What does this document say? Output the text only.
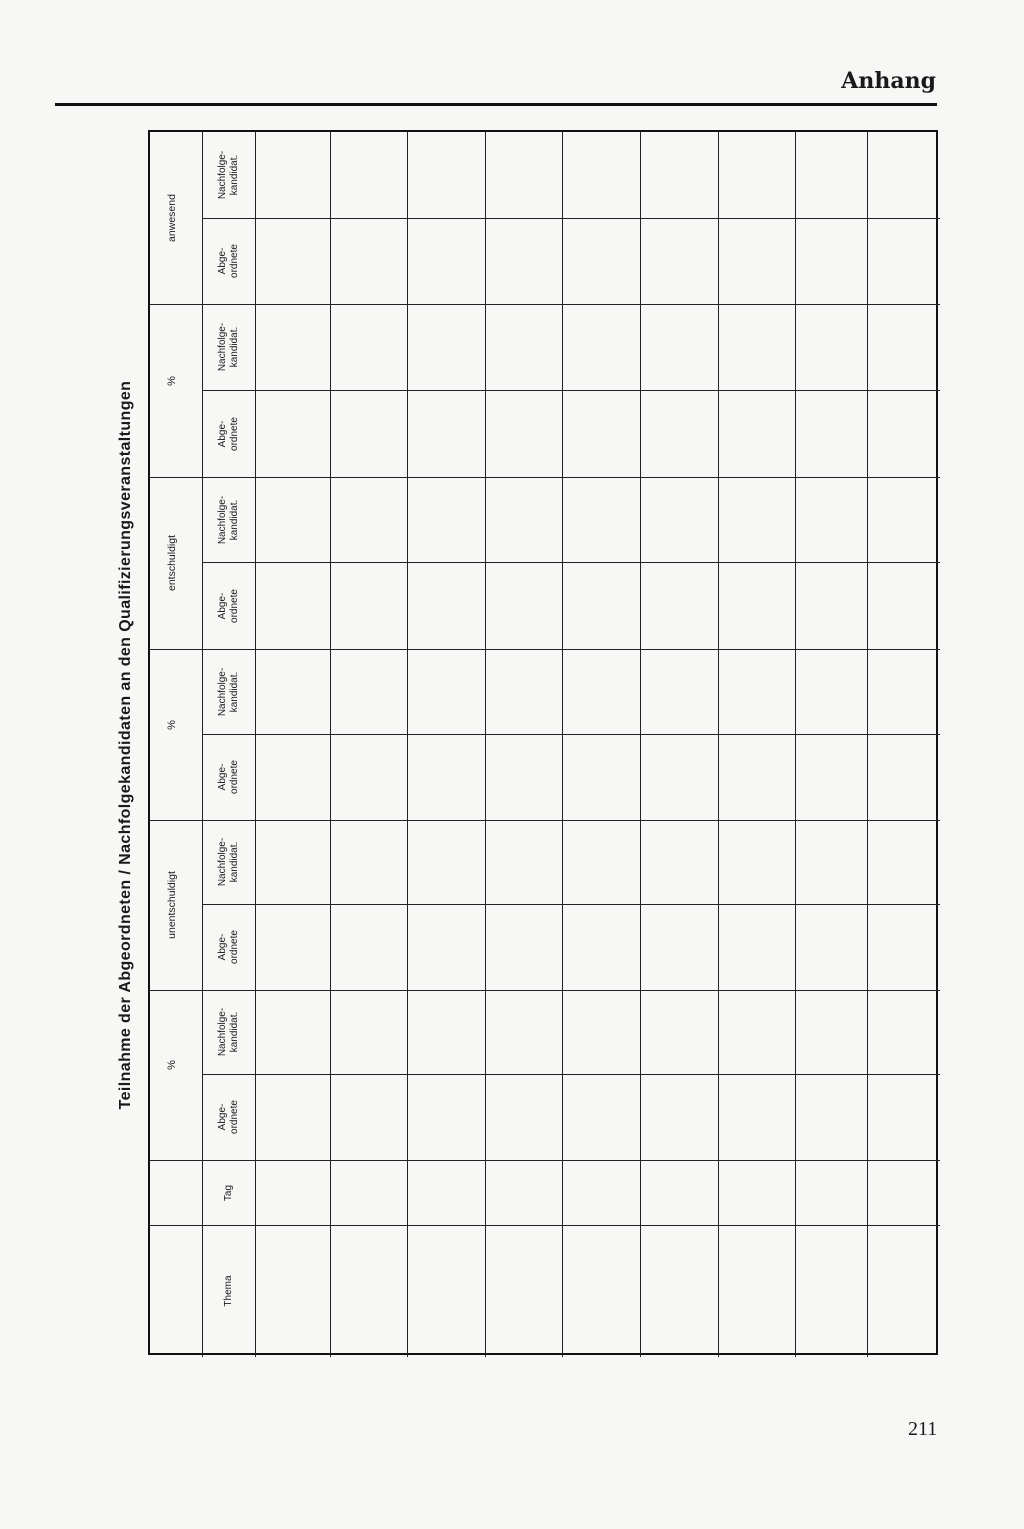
Anhang
Teilnahme der Abgeordneten / Nachfolgekandidaten an den Qualifizierungsveranstaltungen
anwesend
%
entschuldigt
%
unentschuldigt
%
Abge-
ordnete
Nachfolge-
kandidat.
Abge-
ordnete
Nachfolge-
kandidat.
Abge-
ordnete
Nachfolge-
kandidat.
Abge-
ordnete
Nachfolge-
kandidat.
Abge-
ordnete
Nachfolge-
kandidat.
Abge-
ordnete
Nachfolge-
kandidat.
Tag
Thema
211
